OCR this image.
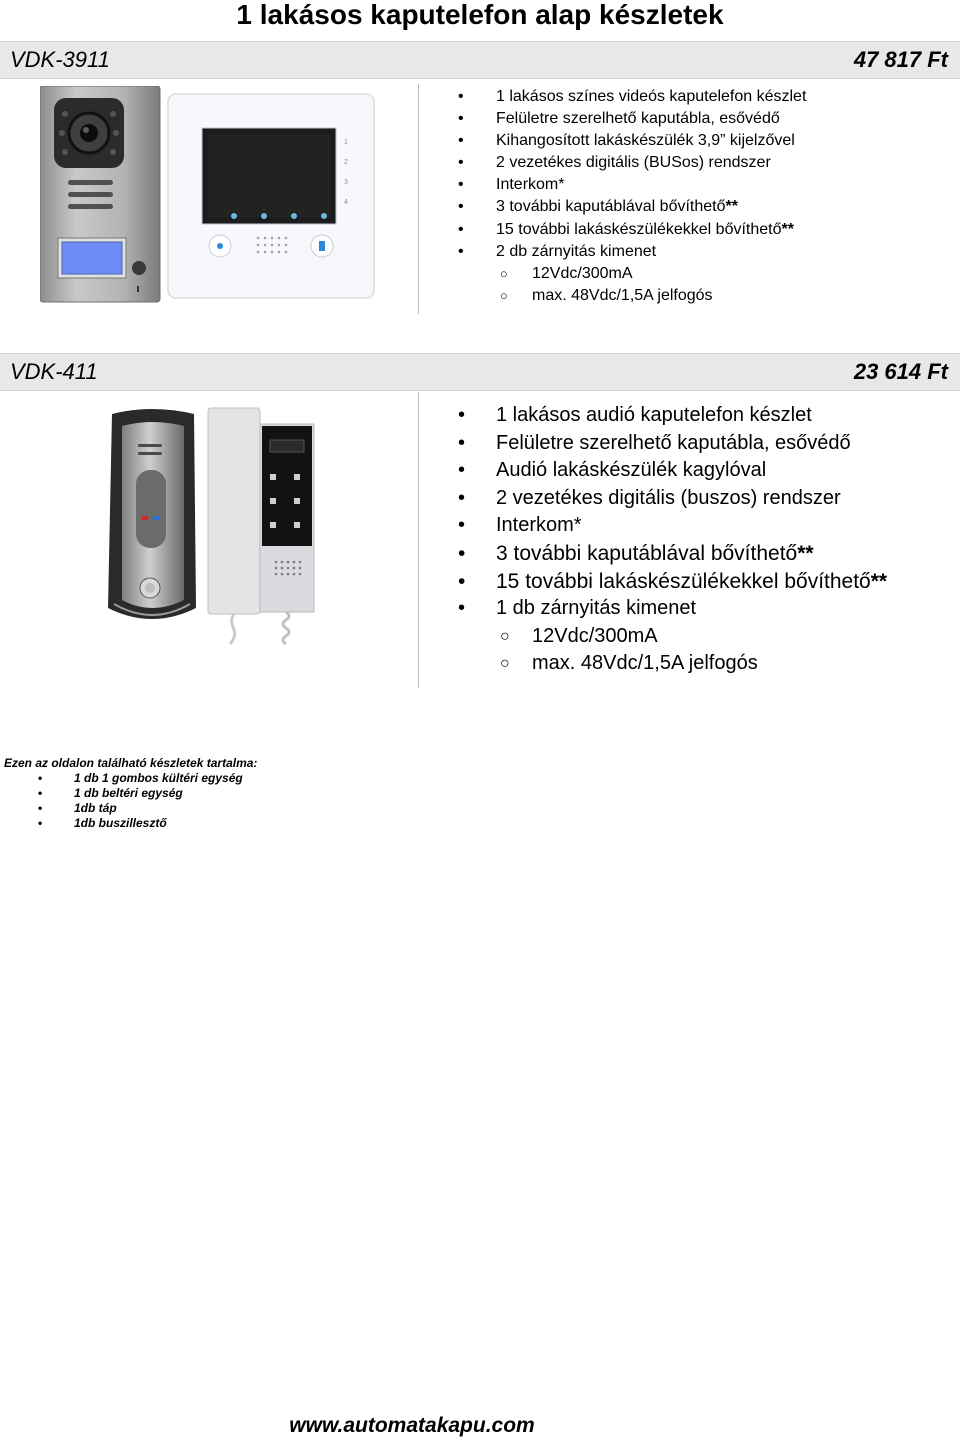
1 lakásos kaputelefon alap készletek
VDK-3911	47 817 Ft
1
2
3
4
• 1 lakásos színes videós kaputelefon készlet
• Felületre szerelhető kaputábla, esővédő
• Kihangosított lakáskészülék 3,9” kijelzővel
• 2 vezetékes digitális (BUSos) rendszer
• Interkom*
• 3 további kaputáblával bővíthető**
• 15 további lakáskészülékekkel bővíthető**
• 2 db zárnyitás kimenet
○ 12Vdc/300mA
○ max. 48Vdc/1,5A jelfogós
VDK-411	23 614 Ft
• 1 lakásos audió kaputelefon készlet
• Felületre szerelhető kaputábla, esővédő
• Audió lakáskészülék kagylóval
• 2 vezetékes digitális (buszos) rendszer
• Interkom*
• 3 további kaputáblával bővíthető**
• 15 további lakáskészülékekkel bővíthető**
• 1 db zárnyitás kimenet
○ 12Vdc/300mA
○ max. 48Vdc/1,5A jelfogós
Ezen az oldalon található készletek tartalma:
• 1 db 1 gombos kültéri egység
• 1 db beltéri egység
• 1db táp
• 1db buszillesztő
www.automatakapu.com
